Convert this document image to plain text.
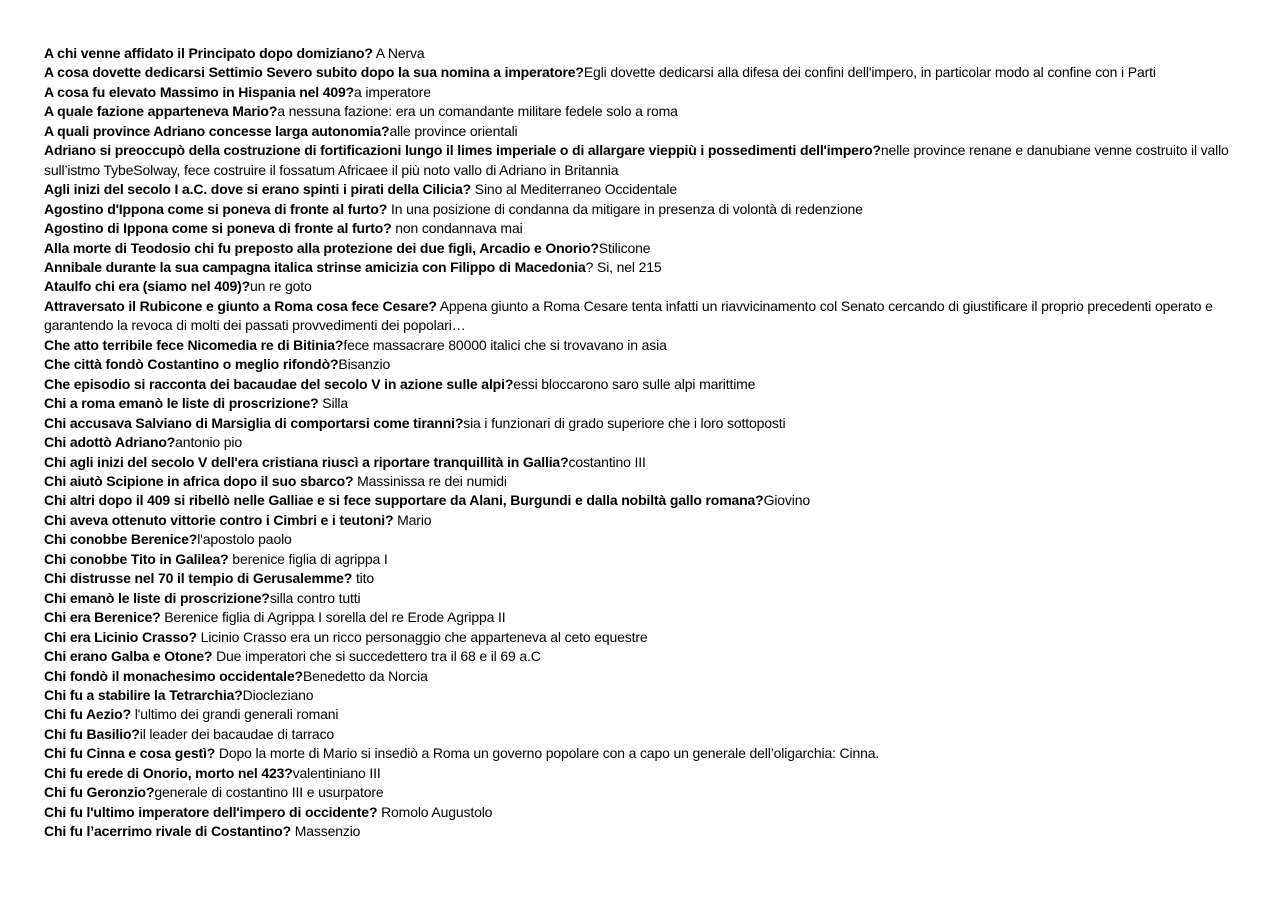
A chi venne affidato il Principato dopo domiziano? A Nerva

A cosa dovette dedicarsi Settimio Severo subito dopo la sua nomina a imperatore?Egli dovette dedicarsi alla difesa dei confini dell'impero, in particolar modo al confine con i Parti

A cosa fu elevato Massimo in Hispania nel 409?a imperatore

A quale fazione apparteneva Mario?a nessuna fazione: era un comandante militare fedele solo a roma

A quali province Adriano concesse larga autonomia?alle province orientali

Adriano si preoccupò della costruzione di fortificazioni lungo il limes imperiale o di allargare vieppiù i possedimenti dell'impero?nelle province renane e danubiane venne costruito il vallo sull’istmo TybeSolway, fece costruire il fossatum Africaee il più noto vallo di Adriano in Britannia

Agli inizi del secolo I a.C. dove si erano spinti i pirati della Cilicia? Sino al Mediterraneo Occidentale

Agostino d'Ippona come si poneva di fronte al furto? In una posizione di condanna da mitigare in presenza di volontà di redenzione

Agostino di Ippona come si poneva di fronte al furto? non condannava mai

Alla morte di Teodosio chi fu preposto alla protezione dei due figli, Arcadio e Onorio?Stilicone

Annibale durante la sua campagna italica strinse amicizia con Filippo di Macedonia? Si, nel 215

Ataulfo chi era (siamo nel 409)?un re goto

Attraversato il Rubicone e giunto a Roma cosa fece Cesare? Appena giunto a Roma Cesare tenta infatti un riavvicinamento col Senato cercando di giustificare il proprio precedenti operato e garantendo la revoca di molti dei passati provvedimenti dei popolari…

Che atto terribile fece Nicomedia re di Bitinia?fece massacrare 80000 italici che si trovavano in asia

Che città fondò Costantino o meglio rifondò?Bisanzio

Che episodio si racconta dei bacaudae del secolo V in azione sulle alpi?essi bloccarono saro sulle alpi marittime

Chi a roma emanò le liste di proscrizione? Silla

Chi accusava Salviano di Marsiglia di comportarsi come tiranni?sia i funzionari di grado superiore che i loro sottoposti

Chi adottò Adriano?antonio pio

Chi agli inizi del secolo V dell'era cristiana riuscì a riportare tranquillità in Gallia?costantino III

Chi aiutò Scipione in africa dopo il suo sbarco? Massinissa re dei numidi

Chi altri dopo il 409 si ribellò nelle Galliae e si fece supportare da Alani, Burgundi e dalla nobiltà gallo romana?Giovino

Chi aveva ottenuto vittorie contro i Cimbri e i teutoni? Mario

Chi conobbe Berenice?l'apostolo paolo

Chi conobbe Tito in Galilea? berenice figlia di agrippa I

Chi distrusse nel 70 il tempio di Gerusalemme? tito

Chi emanò le liste di proscrizione?silla contro tutti

Chi era Berenice? Berenice figlia di Agrippa I sorella del re Erode Agrippa II

Chi era Licinio Crasso? Licinio Crasso era un ricco personaggio che apparteneva al ceto equestre

Chi erano Galba e Otone? Due imperatori che si succedettero tra il 68 e il 69 a.C

Chi fondò il monachesimo occidentale?Benedetto da Norcia

Chi fu a stabilire la Tetrarchia?Diocleziano

Chi fu Aezio? l'ultimo dei grandi generali romani

Chi fu Basilio?il leader dei bacaudae di tarraco

Chi fu Cinna e cosa gestì? Dopo la morte di Mario si insediò a Roma un governo popolare con a capo un generale dell’oligarchia: Cinna.

Chi fu erede di Onorio, morto nel 423?valentiniano III

Chi fu Geronzio?generale di costantino III e usurpatore

Chi fu l'ultimo imperatore dell'impero di occidente? Romolo Augustolo

Chi fu l’acerrimo rivale di Costantino? Massenzio
